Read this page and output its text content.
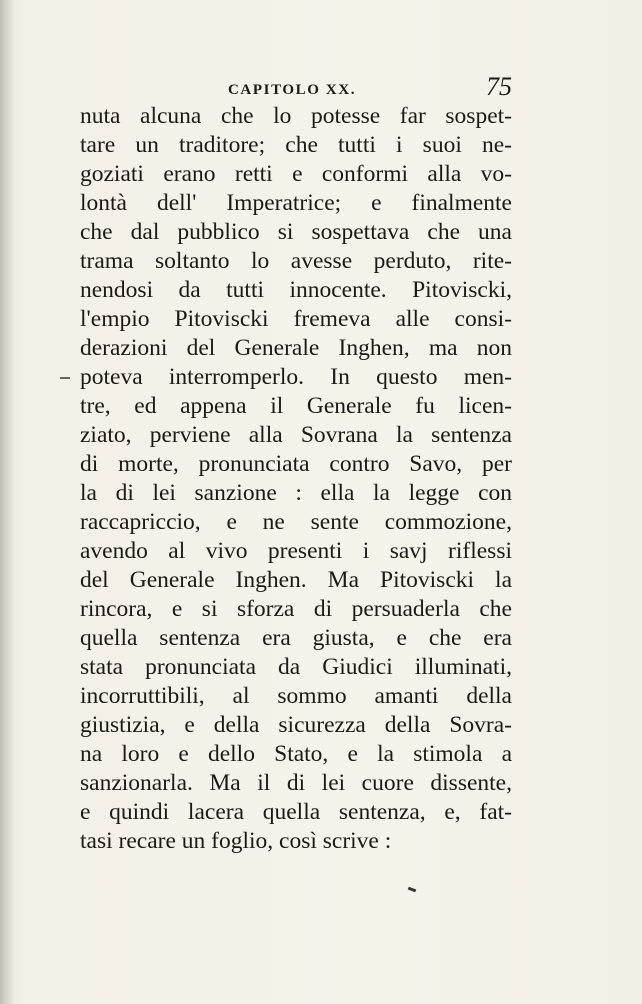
CAPITOLO XX.	75
nuta alcuna che lo potesse far sospet-
tare un traditore; che tutti i suoi ne-
goziati erano retti e conformi alla vo-
lontà dell' Imperatrice; e finalmente
che dal pubblico si sospettava che una
trama soltanto lo avesse perduto, rite-
nendosi da tutti innocente. Pitoviscki,
l'empio Pitoviscki fremeva alle consi-
derazioni del Generale Inghen, ma non
poteva interromperlo. In questo men-
tre, ed appena il Generale fu licen-
ziato, perviene alla Sovrana la sentenza
di morte, pronunciata contro Savo, per
la di lei sanzione : ella la legge con
raccapriccio, e ne sente commozione,
avendo al vivo presenti i savj riflessi
del Generale Inghen. Ma Pitoviscki la
rincora, e si sforza di persuaderla che
quella sentenza era giusta, e che era
stata pronunciata da Giudici illuminati,
incorruttibili, al sommo amanti della
giustizia, e della sicurezza della Sovra-
na loro e dello Stato, e la stimola a
sanzionarla. Ma il di lei cuore dissente,
e quindi lacera quella sentenza, e, fat-
tasi recare un foglio, così scrive :
